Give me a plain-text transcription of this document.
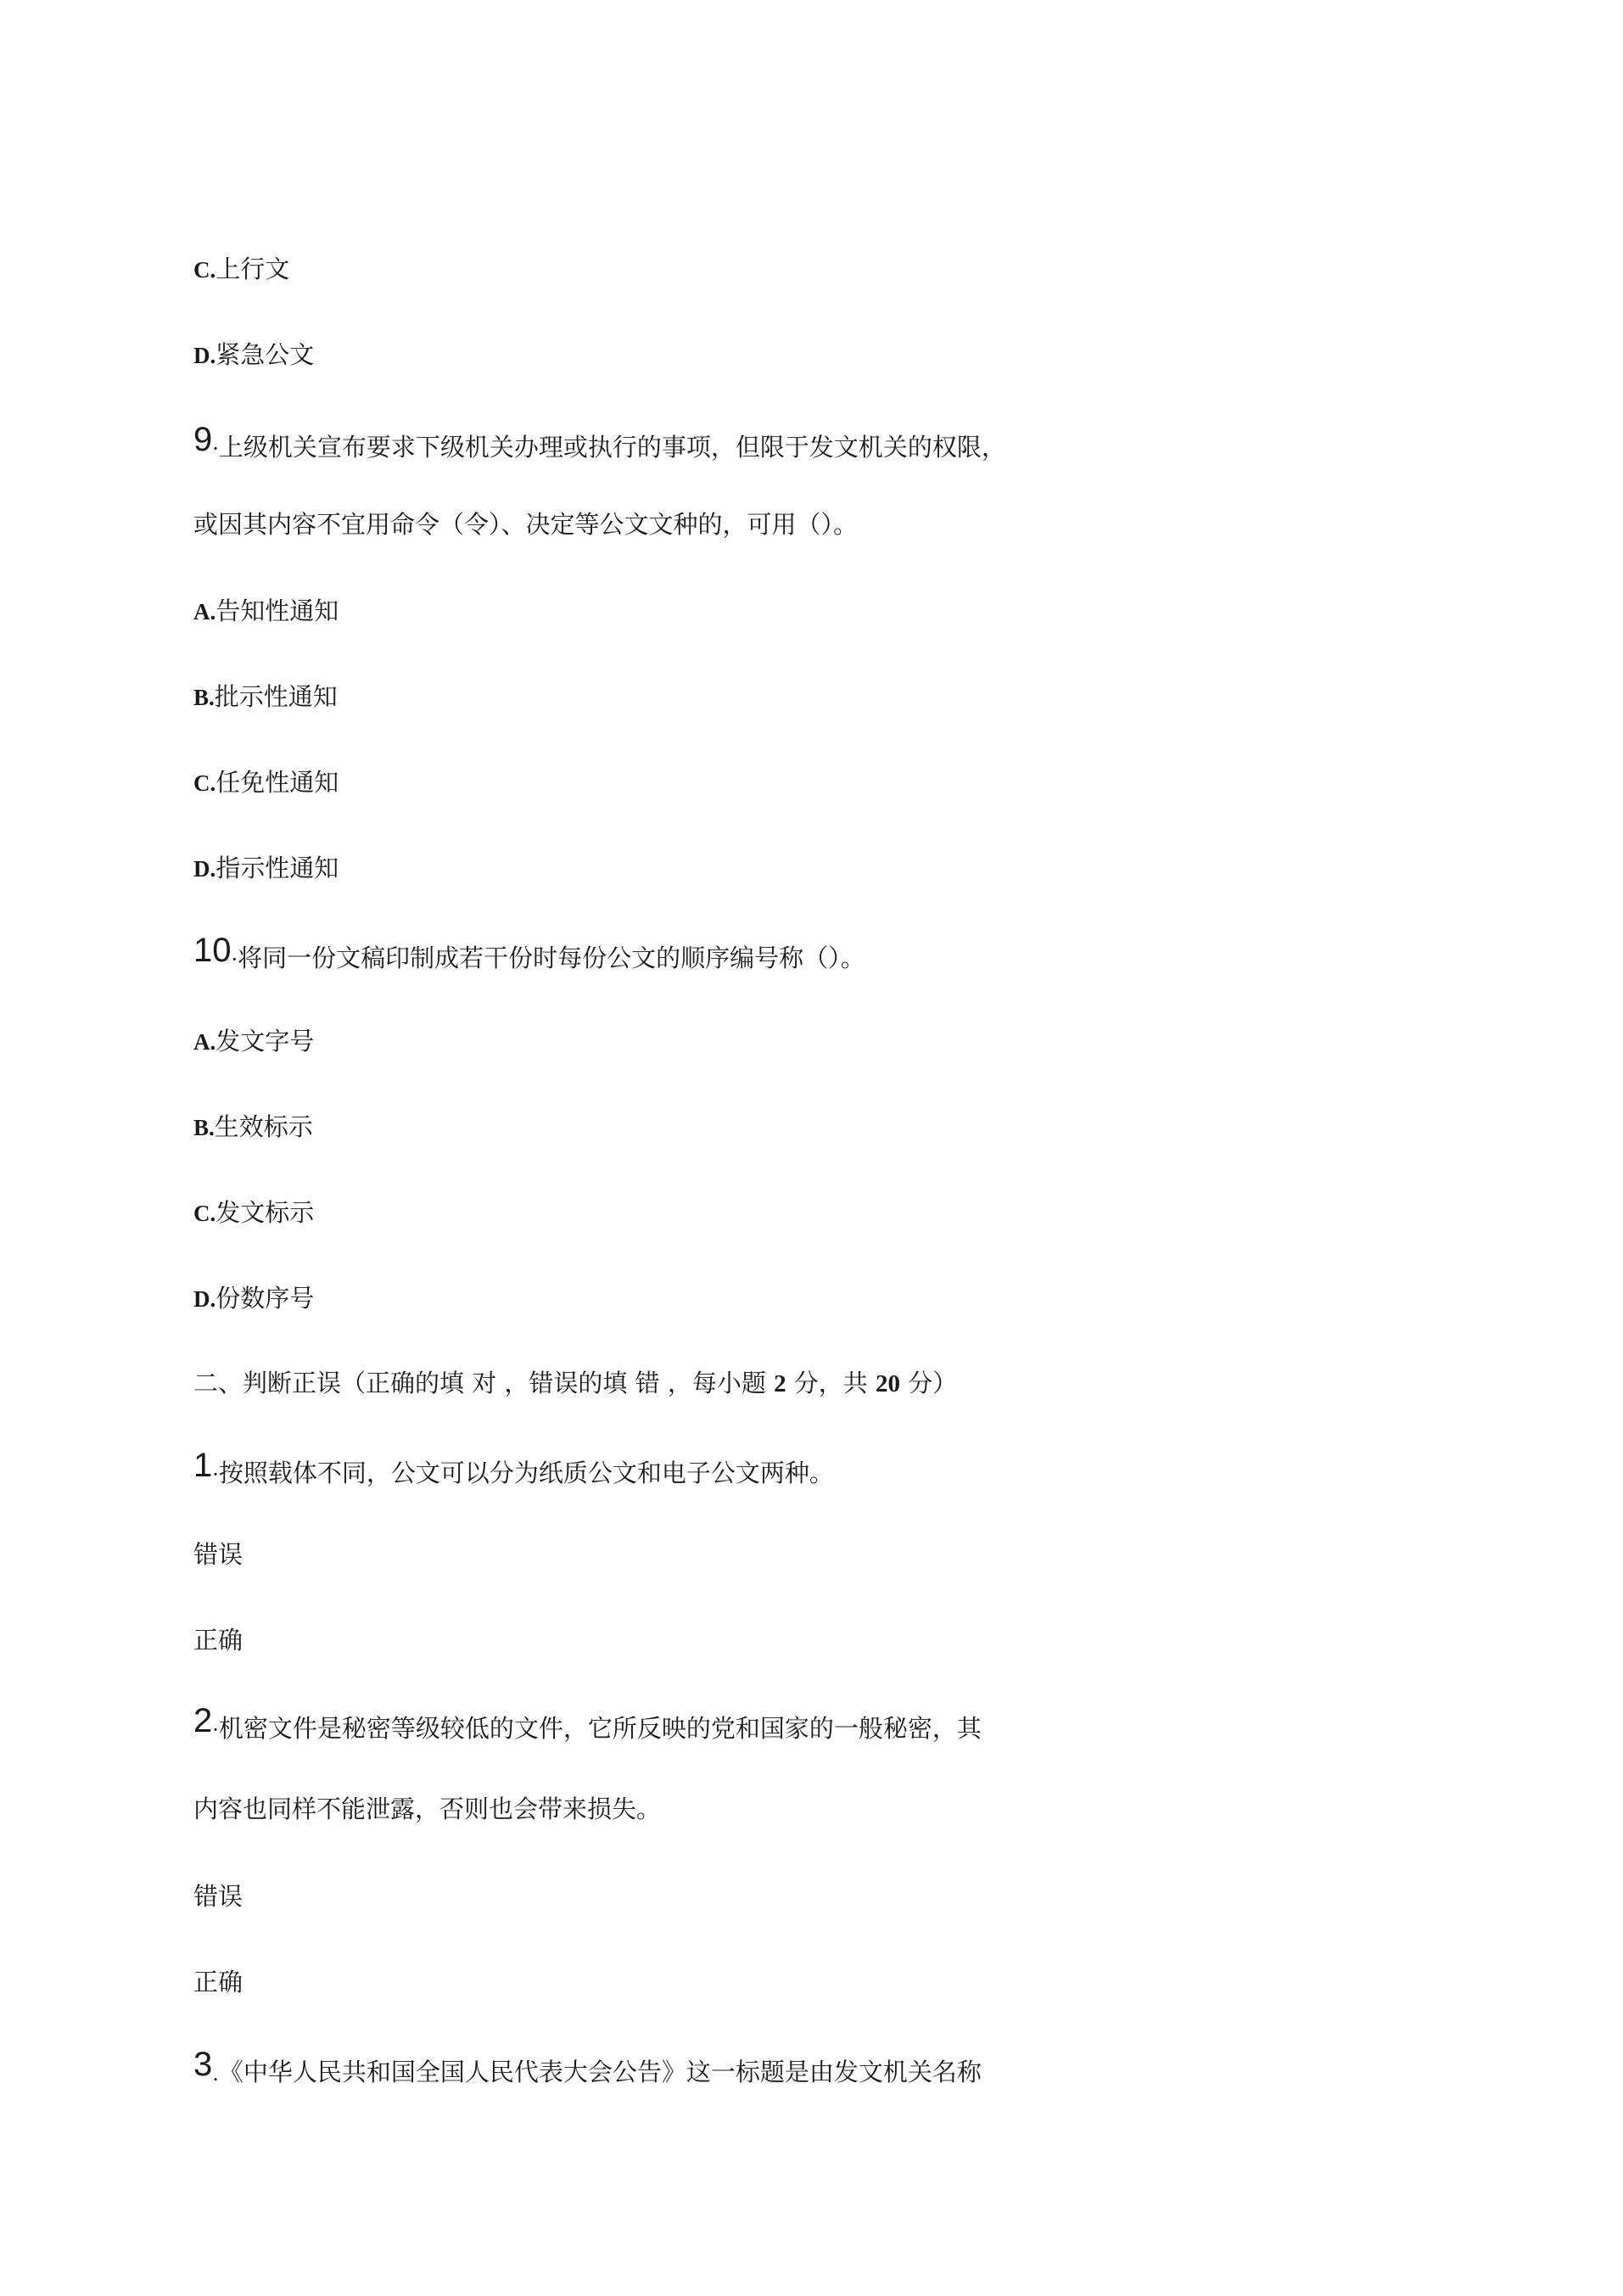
C.上行文
D.紧急公文
9·上级机关宣布要求下级机关办理或执行的事项，但限于发文机关的权限，
或因其内容不宜用命令（令）、决定等公文文种的，可用（）。
A.告知性通知
B.批示性通知
C.任免性通知
D.指示性通知
10·将同一份文稿印制成若干份时每份公文的顺序编号称（）。
A.发文字号
B.生效标示
C.发文标示
D.份数序号
二、判断正误（正确的填 对 ，错误的填 错 ，每小题 2 分，共 20 分）
1·按照载体不同，公文可以分为纸质公文和电子公文两种。
错误
正确
2·机密文件是秘密等级较低的文件，它所反映的党和国家的一般秘密，其
内容也同样不能泄露，否则也会带来损失。
错误
正确
3.《中华人民共和国全国人民代表大会公告》这一标题是由发文机关名称
